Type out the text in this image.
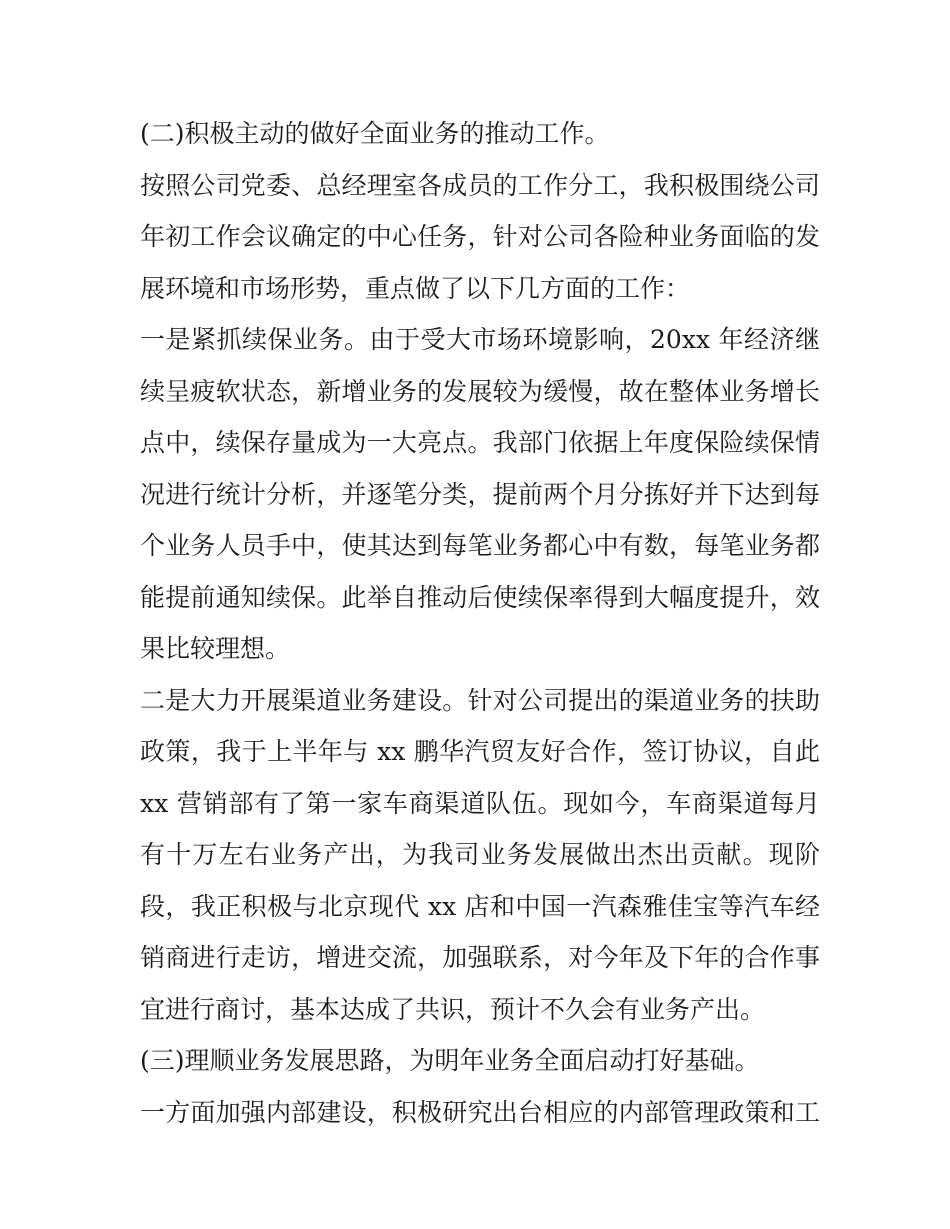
(二)积极主动的做好全面业务的推动工作。
按照公司党委、总经理室各成员的工作分工，我积极围绕公司
年初工作会议确定的中心任务，针对公司各险种业务面临的发
展环境和市场形势，重点做了以下几方面的工作：
一是紧抓续保业务。由于受大市场环境影响，20xx 年经济继
续呈疲软状态，新增业务的发展较为缓慢，故在整体业务增长
点中，续保存量成为一大亮点。我部门依据上年度保险续保情
况进行统计分析，并逐笔分类，提前两个月分拣好并下达到每
个业务人员手中，使其达到每笔业务都心中有数，每笔业务都
能提前通知续保。此举自推动后使续保率得到大幅度提升，效
果比较理想。
二是大力开展渠道业务建设。针对公司提出的渠道业务的扶助
政策，我于上半年与 xx 鹏华汽贸友好合作，签订协议，自此
xx 营销部有了第一家车商渠道队伍。现如今，车商渠道每月
有十万左右业务产出，为我司业务发展做出杰出贡献。现阶
段，我正积极与北京现代 xx 店和中国一汽森雅佳宝等汽车经
销商进行走访，增进交流，加强联系，对今年及下年的合作事
宜进行商讨，基本达成了共识，预计不久会有业务产出。
(三)理顺业务发展思路，为明年业务全面启动打好基础。
一方面加强内部建设，积极研究出台相应的内部管理政策和工
